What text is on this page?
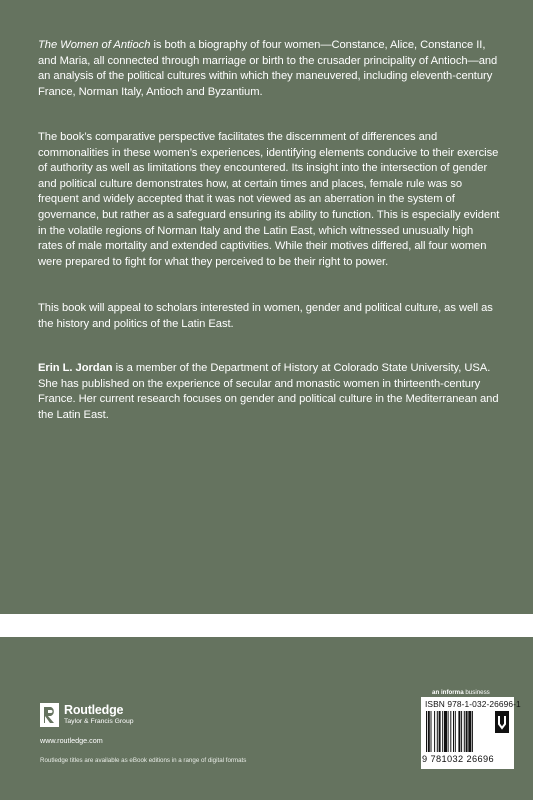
The Women of Antioch is both a biography of four women—Constance, Alice, Constance II, and Maria, all connected through marriage or birth to the crusader principality of Antioch—and an analysis of the political cultures within which they maneuvered, including eleventh-century France, Norman Italy, Antioch and Byzantium.

The book’s comparative perspective facilitates the discernment of differences and commonalities in these women’s experiences, identifying elements conducive to their exercise of authority as well as limitations they encountered. Its insight into the intersection of gender and political culture demonstrates how, at certain times and places, female rule was so frequent and widely accepted that it was not viewed as an aberration in the system of governance, but rather as a safeguard ensuring its ability to function. This is especially evident in the volatile regions of Norman Italy and the Latin East, which witnessed unusually high rates of male mortality and extended captivities. While their motives differed, all four women were prepared to fight for what they perceived to be their right to power.

This book will appeal to scholars interested in women, gender and political culture, as well as the history and politics of the Latin East.

Erin L. Jordan is a member of the Department of History at Colorado State University, USA. She has published on the experience of secular and monastic women in thirteenth-century France. Her current research focuses on gender and political culture in the Mediterranean and the Latin East.

Routledge
Taylor & Francis Group
www.routledge.com
Routledge titles are available as eBook editions in a range of digital formats
an informa business
ISBN 978-1-032-26696-1
9 781032 26696
